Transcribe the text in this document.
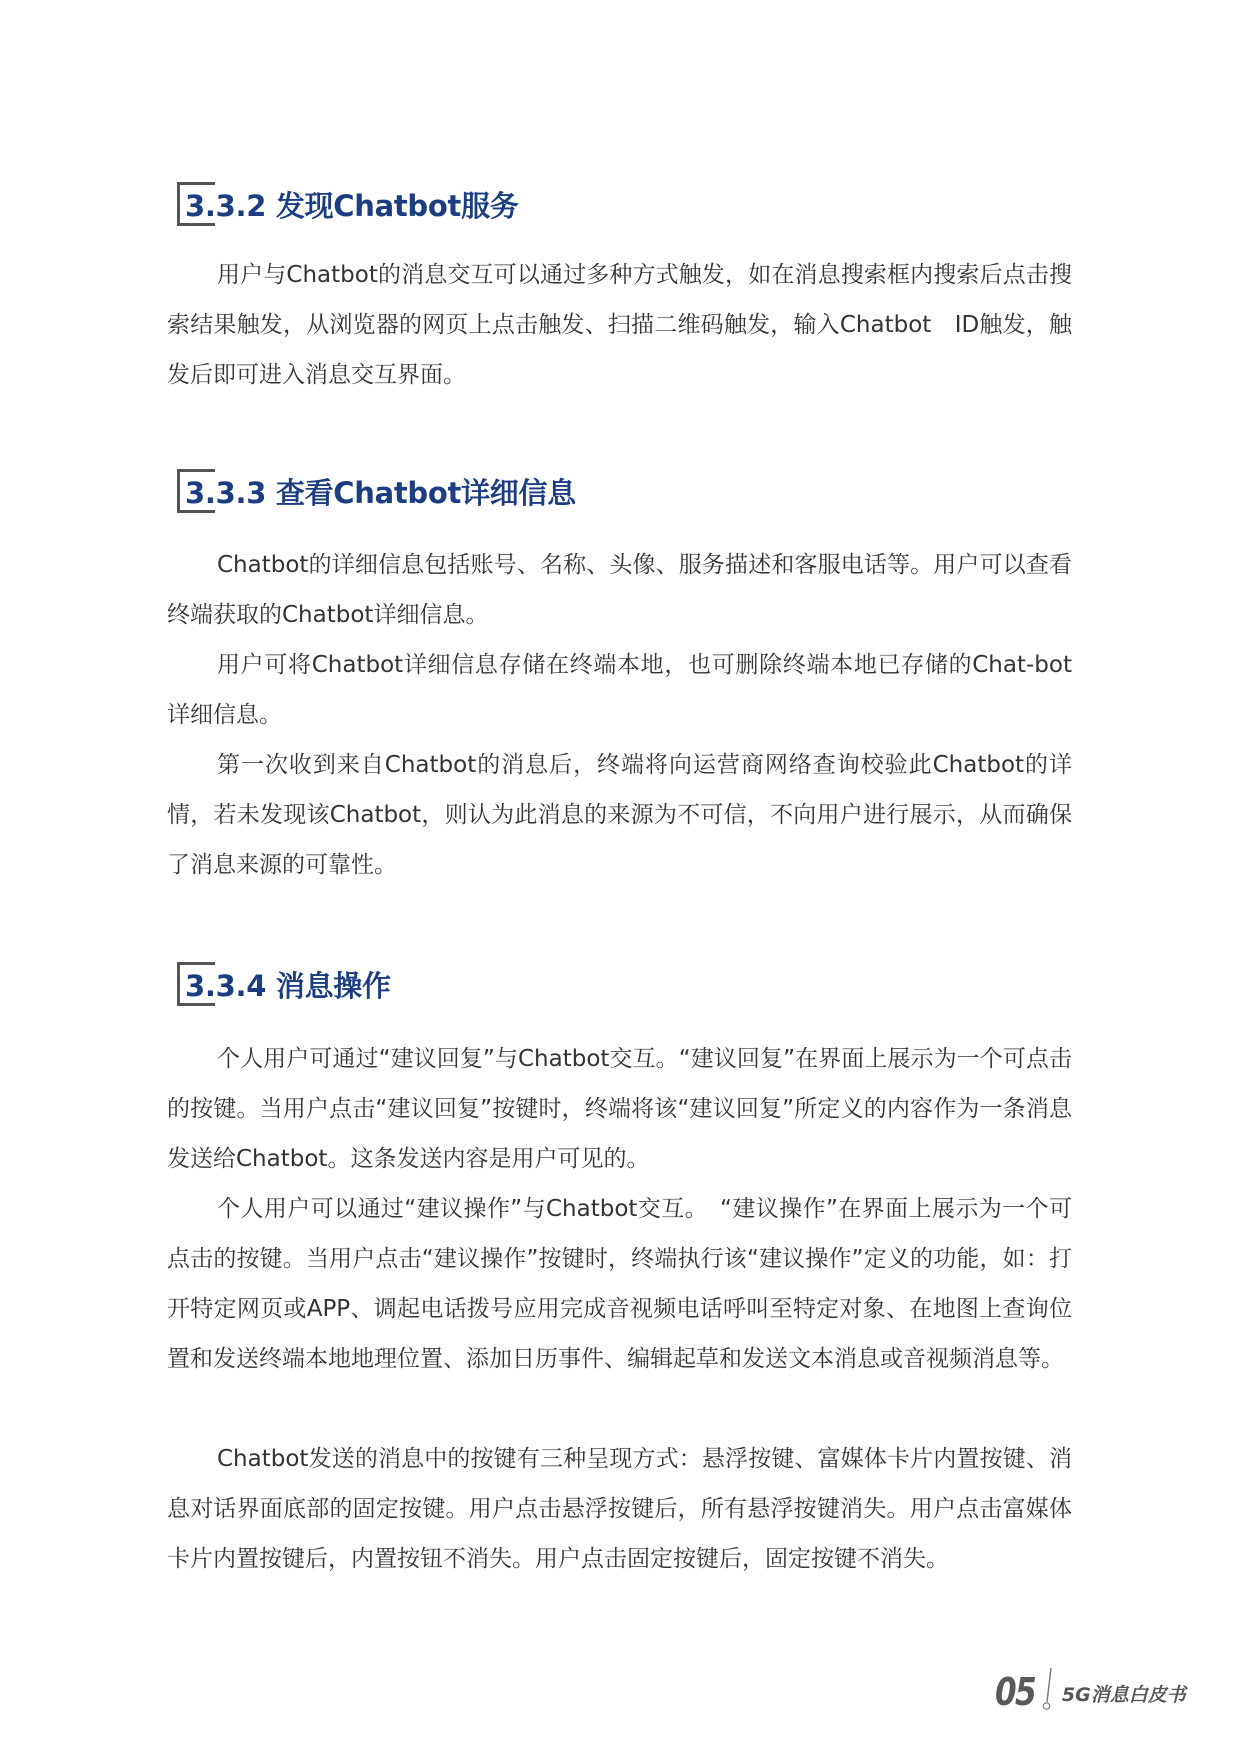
3.3.2 发现Chatbot服务

用户与Chatbot的消息交互可以通过多种方式触发，如在消息搜索框内搜索后点击搜索结果触发，从浏览器的网页上点击触发、扫描二维码触发，输入Chatbot　ID触发，触发后即可进入消息交互界面。

3.3.3 查看Chatbot详细信息

Chatbot的详细信息包括账号、名称、头像、服务描述和客服电话等。用户可以查看终端获取的Chatbot详细信息。

用户可将Chatbot详细信息存储在终端本地，也可删除终端本地已存储的Chat-bot详细信息。

第一次收到来自Chatbot的消息后，终端将向运营商网络查询校验此Chatbot的详情，若未发现该Chatbot，则认为此消息的来源为不可信，不向用户进行展示，从而确保了消息来源的可靠性。

3.3.4 消息操作

个人用户可通过“建议回复”与Chatbot交互。“建议回复”在界面上展示为一个可点击的按键。当用户点击“建议回复”按键时，终端将该“建议回复”所定义的内容作为一条消息发送给Chatbot。这条发送内容是用户可见的。

个人用户可以通过“建议操作”与Chatbot交互。　“建议操作”在界面上展示为一个可点击的按键。当用户点击“建议操作”按键时，终端执行该“建议操作”定义的功能，如：打开特定网页或APP、调起电话拨号应用完成音视频电话呼叫至特定对象、在地图上查询位置和发送终端本地地理位置、添加日历事件、编辑起草和发送文本消息或音视频消息等。

Chatbot发送的消息中的按键有三种呈现方式：悬浮按键、富媒体卡片内置按键、消息对话界面底部的固定按键。用户点击悬浮按键后，所有悬浮按键消失。用户点击富媒体卡片内置按键后，内置按钮不消失。用户点击固定按键后，固定按键不消失。

05 5G消息白皮书
